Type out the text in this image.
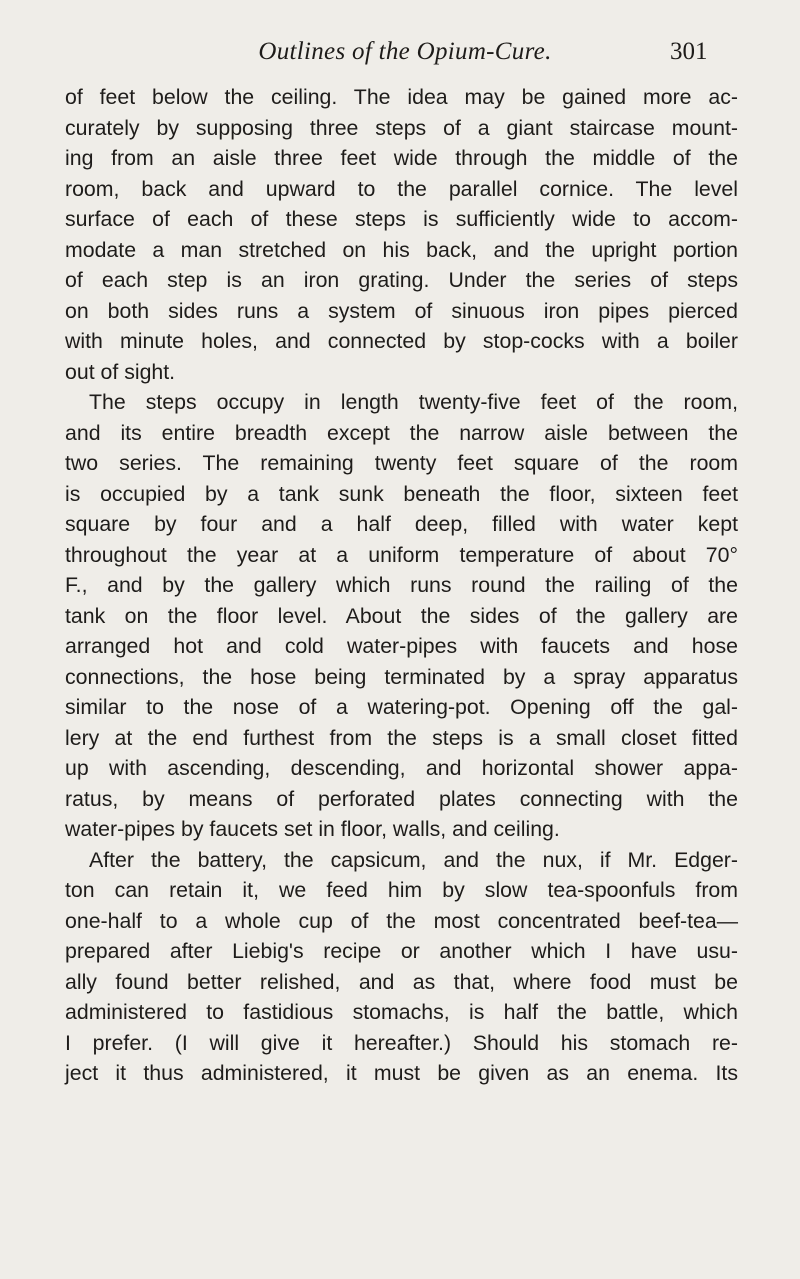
Outlines of the Opium-Cure.	301
of feet below the ceiling. The idea may be gained more ac-
curately by supposing three steps of a giant staircase mount-
ing from an aisle three feet wide through the middle of the
room, back and upward to the parallel cornice. The level
surface of each of these steps is sufficiently wide to accom-
modate a man stretched on his back, and the upright portion
of each step is an iron grating. Under the series of steps
on both sides runs a system of sinuous iron pipes pierced
with minute holes, and connected by stop-cocks with a boiler
out of sight.
The steps occupy in length twenty-five feet of the room,
and its entire breadth except the narrow aisle between the
two series. The remaining twenty feet square of the room
is occupied by a tank sunk beneath the floor, sixteen feet
square by four and a half deep, filled with water kept
throughout the year at a uniform temperature of about 70°
F., and by the gallery which runs round the railing of the
tank on the floor level. About the sides of the gallery are
arranged hot and cold water-pipes with faucets and hose
connections, the hose being terminated by a spray apparatus
similar to the nose of a watering-pot. Opening off the gal-
lery at the end furthest from the steps is a small closet fitted
up with ascending, descending, and horizontal shower appa-
ratus, by means of perforated plates connecting with the
water-pipes by faucets set in floor, walls, and ceiling.
After the battery, the capsicum, and the nux, if Mr. Edger-
ton can retain it, we feed him by slow tea-spoonfuls from
one-half to a whole cup of the most concentrated beef-tea—
prepared after Liebig's recipe or another which I have usu-
ally found better relished, and as that, where food must be
administered to fastidious stomachs, is half the battle, which
I prefer. (I will give it hereafter.) Should his stomach re-
ject it thus administered, it must be given as an enema. Its
